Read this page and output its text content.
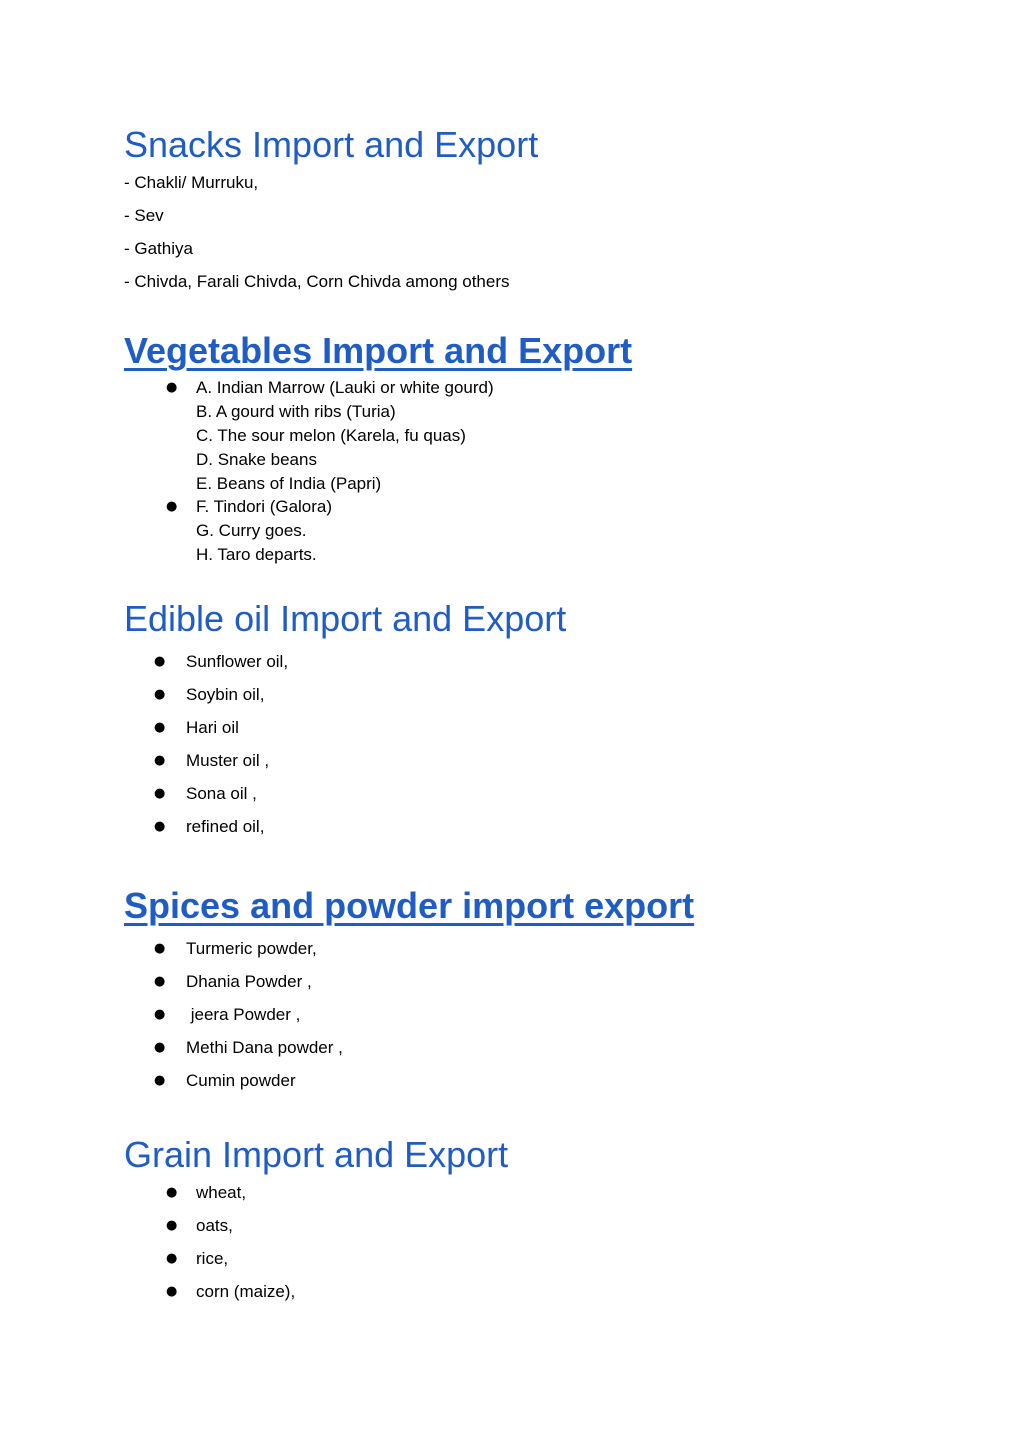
Snacks Import and Export
- Chakli/ Murruku,
- Sev
- Gathiya
- Chivda, Farali Chivda, Corn Chivda among others
Vegetables Import and Export
● A. Indian Marrow (Lauki or white gourd)
B. A gourd with ribs (Turia)
C. The sour melon (Karela, fu quas)
D. Snake beans
E. Beans of India (Papri)
● F. Tindori (Galora)
G. Curry goes.
H. Taro departs.
Edible oil Import and Export
● Sunflower oil,
● Soybin oil,
● Hari oil
● Muster oil ,
● Sona oil ,
● refined oil,
Spices and powder import export
● Turmeric powder,
● Dhania Powder ,
● jeera Powder ,
● Methi Dana powder ,
● Cumin powder
Grain Import and Export
● wheat,
● oats,
● rice,
● corn (maize),
